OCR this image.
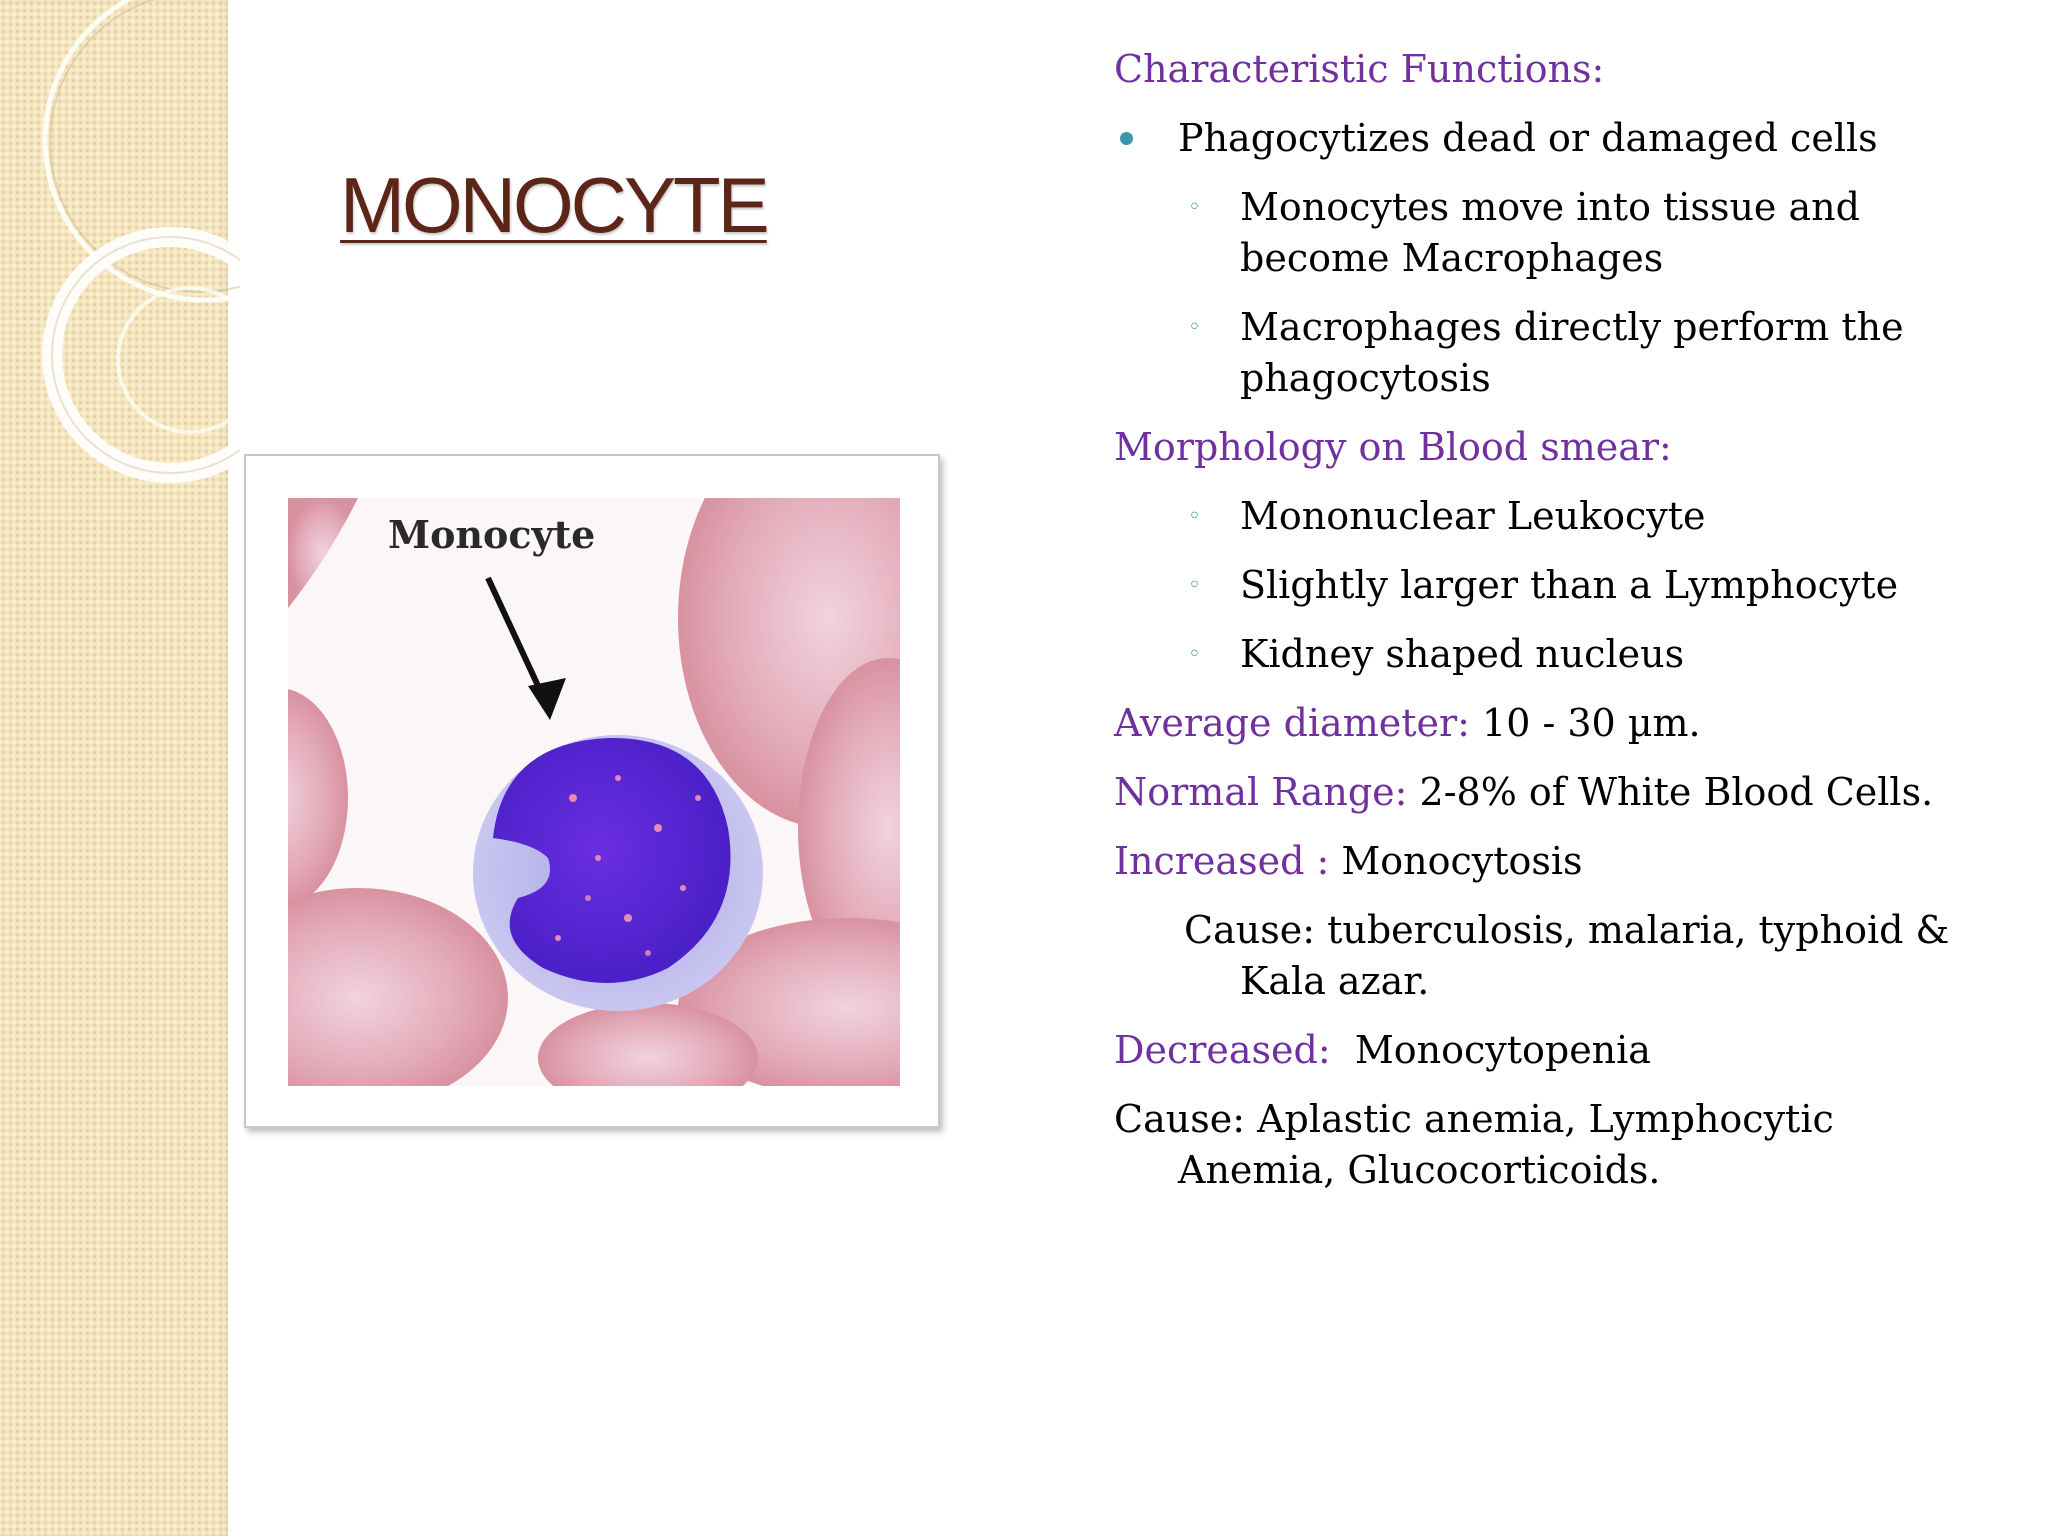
MONOCYTE
Monocyte

Characteristic Functions:

Phagocytizes dead or damaged cells

◦ Monocytes move into tissue and become Macrophages

◦ Macrophages directly perform the phagocytosis

Morphology on Blood smear:

◦ Mononuclear Leukocyte

◦ Slightly larger than a Lymphocyte

◦ Kidney shaped nucleus

Average diameter: 10 - 30 µm.

Normal Range: 2-8% of White Blood Cells.

Increased : Monocytosis

Cause: tuberculosis, malaria, typhoid & Kala azar.

Decreased:  Monocytopenia

Cause: Aplastic anemia, Lymphocytic Anemia, Glucocorticoids.
